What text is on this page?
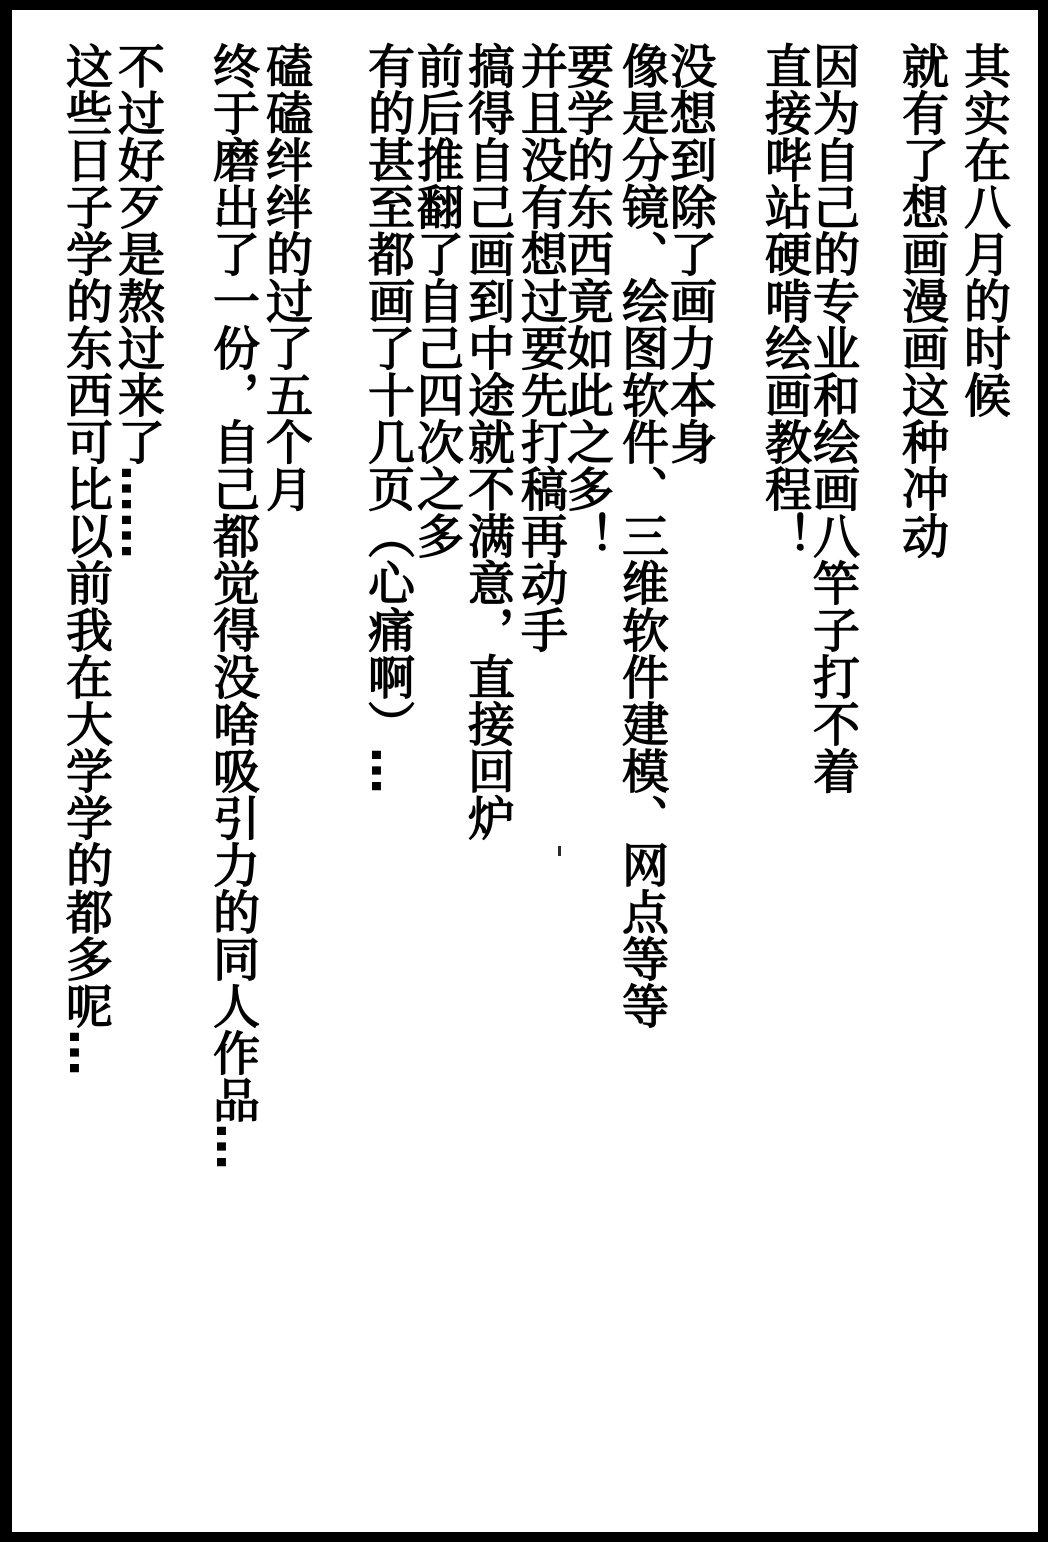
其实在八月的时候
就有了想画漫画这种冲动
因为自己的专业和绘画八竿子打不着
直接哔站硬啃绘画教程！
没想到除了画力本身
像是分镜、绘图软件、三维软件建模、网点等等
要学的东西竟如此之多！
并且没有想过要先打稿再动手
搞得自己画到中途就不满意，直接回炉
前后推翻了自己四次之多
有的甚至都画了十几页（心痛啊）…
磕磕绊绊的过了五个月
终于磨出了一份，自己都觉得没啥吸引力的同人作品…
不过好歹是熬过来了……
这些日子学的东西可比以前我在大学学的都多呢…
